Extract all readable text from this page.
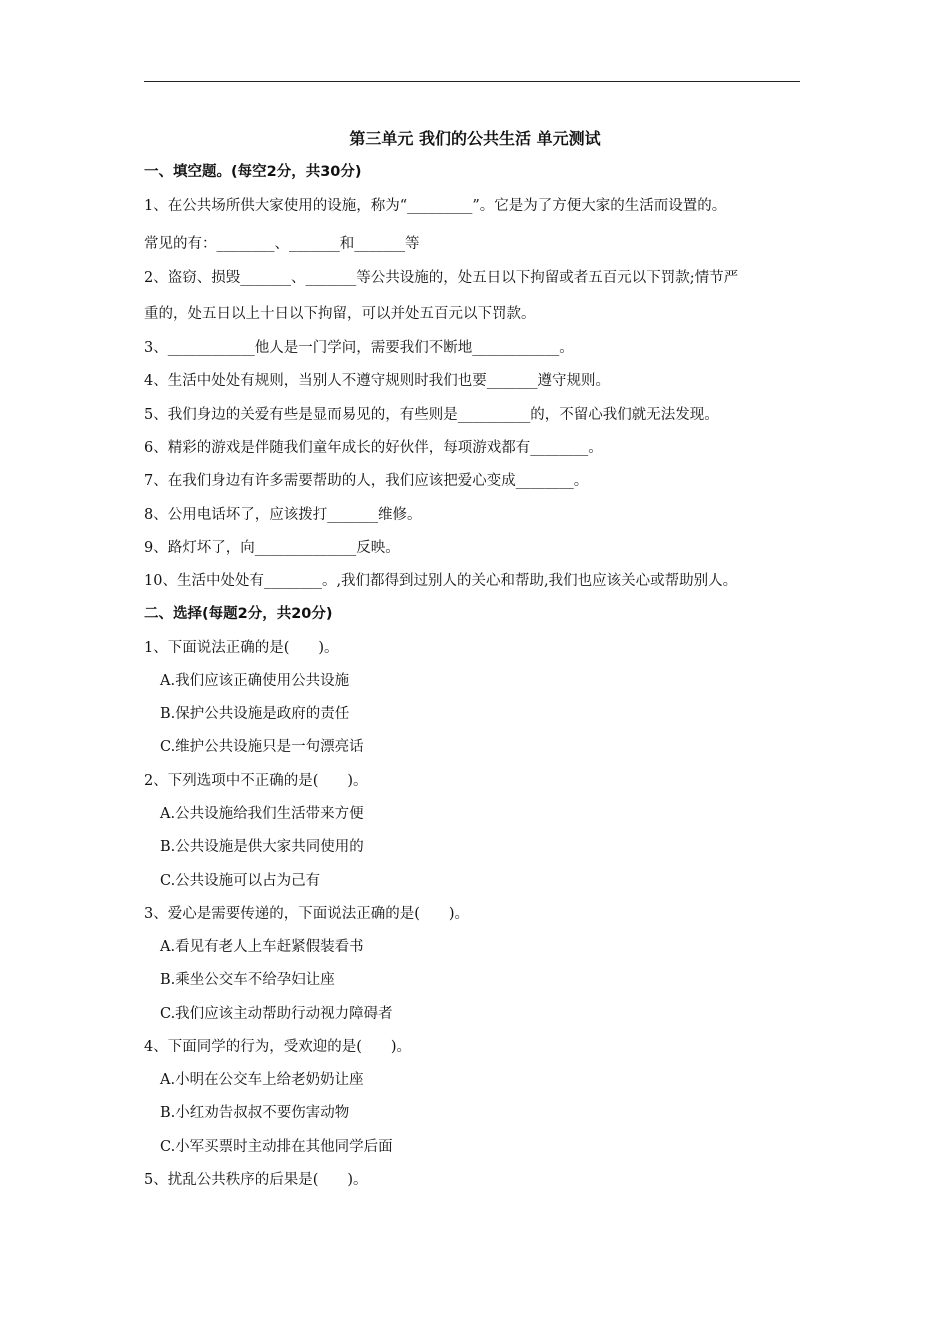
第三单元 我们的公共生活 单元测试
一、填空题。(每空2分，共30分)
1、在公共场所供大家使用的设施，称为“_________”。它是为了方便大家的生活而设置的。
常见的有：________、_______和_______等
2、盗窃、损毁_______、_______等公共设施的，处五日以下拘留或者五百元以下罚款;情节严
重的，处五日以上十日以下拘留，可以并处五百元以下罚款。
3、____________他人是一门学问，需要我们不断地____________。
4、生活中处处有规则，当别人不遵守规则时我们也要_______遵守规则。
5、我们身边的关爱有些是显而易见的，有些则是__________的，不留心我们就无法发现。
6、精彩的游戏是伴随我们童年成长的好伙伴，每项游戏都有________。
7、在我们身边有许多需要帮助的人，我们应该把爱心变成________。
8、公用电话坏了，应该拨打_______维修。
9、路灯坏了，向______________反映。
10、生活中处处有________。,我们都得到过别人的关心和帮助,我们也应该关心或帮助别人。
二、选择(每题2分，共20分)
1、下面说法正确的是(　　)。
A.我们应该正确使用公共设施
B.保护公共设施是政府的责任
C.维护公共设施只是一句漂亮话
2、下列选项中不正确的是(　　)。
A.公共设施给我们生活带来方便
B.公共设施是供大家共同使用的
C.公共设施可以占为己有
3、爱心是需要传递的，下面说法正确的是(　　)。
A.看见有老人上车赶紧假装看书
B.乘坐公交车不给孕妇让座
C.我们应该主动帮助行动视力障碍者
4、下面同学的行为，受欢迎的是(　　)。
A.小明在公交车上给老奶奶让座
B.小红劝告叔叔不要伤害动物
C.小军买票时主动排在其他同学后面
5、扰乱公共秩序的后果是(　　)。
